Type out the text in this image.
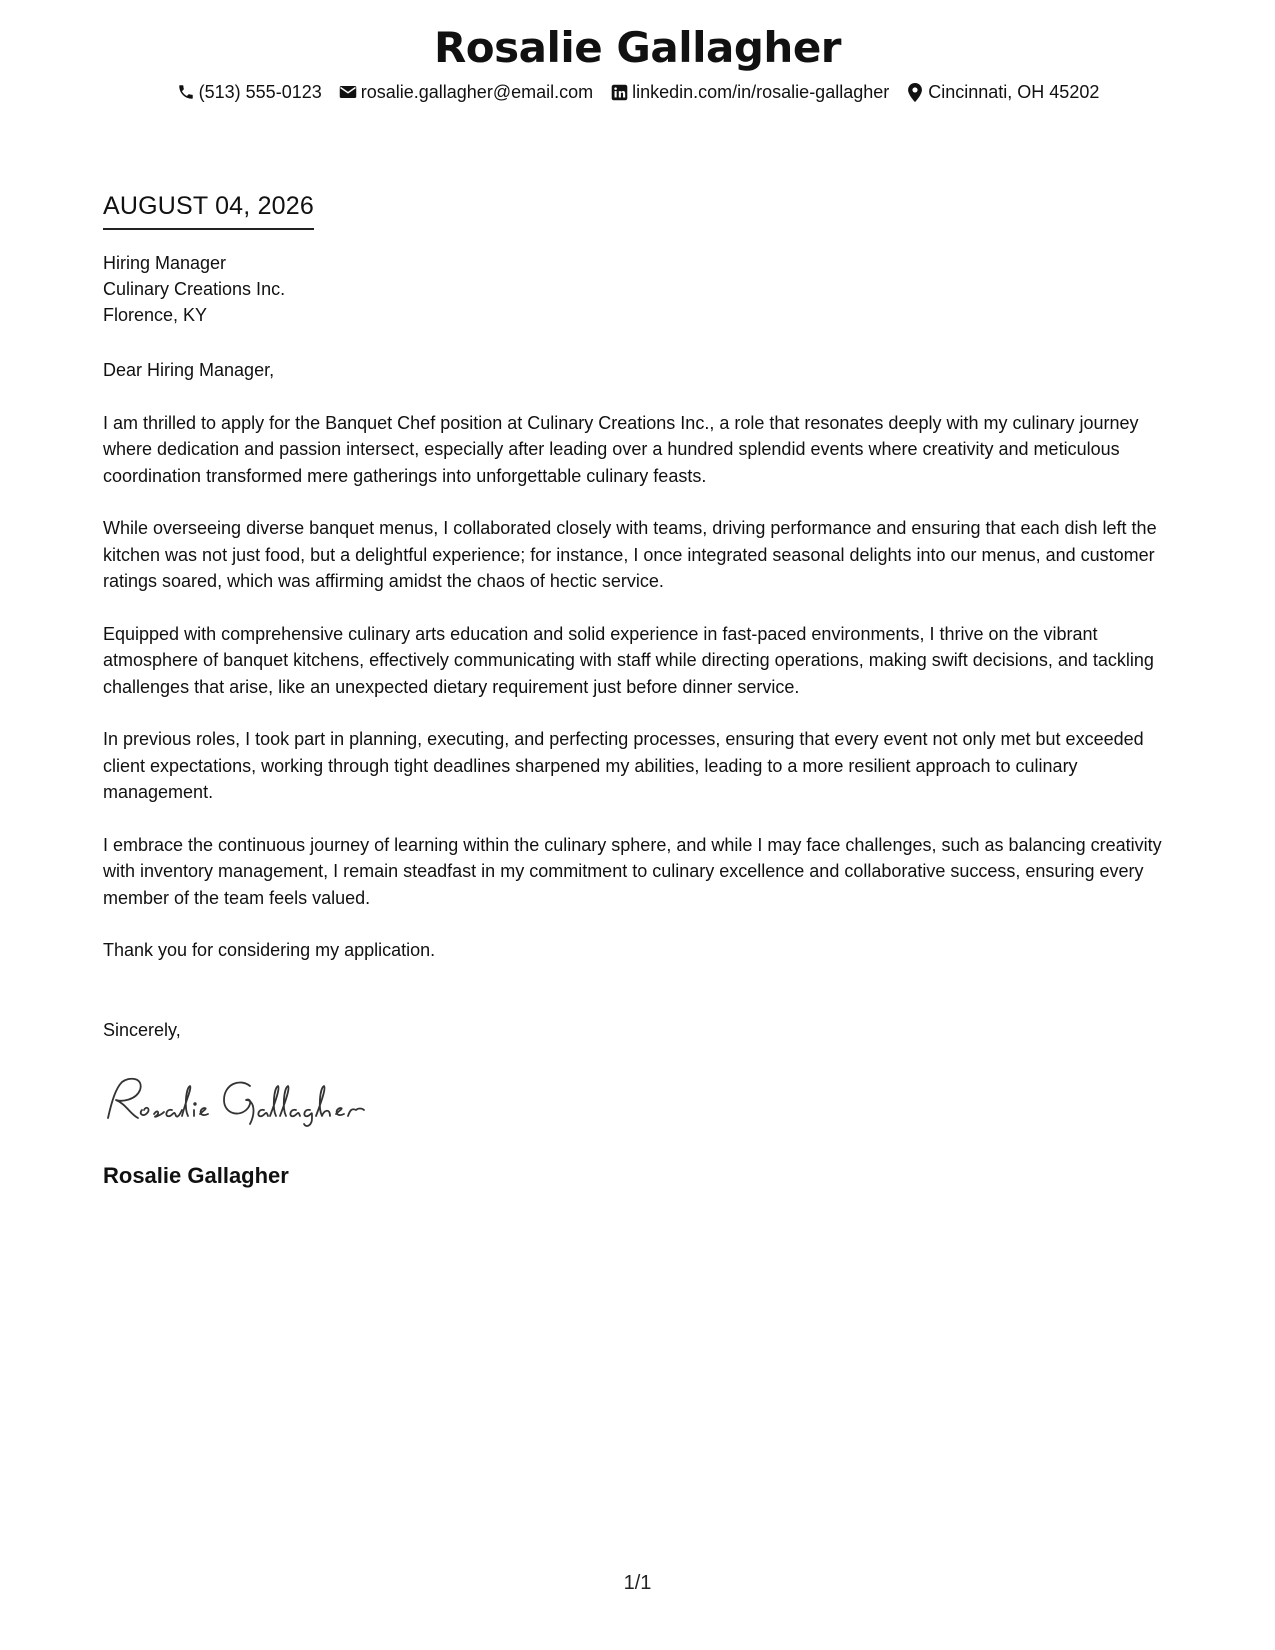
Rosalie Gallagher
(513) 555-0123 rosalie.gallagher@email.com linkedin.com/in/rosalie-gallagher Cincinnati, OH 45202
AUGUST 04, 2026
Hiring Manager
Culinary Creations Inc.
Florence, KY

Dear Hiring Manager,

I am thrilled to apply for the Banquet Chef position at Culinary Creations Inc., a role that resonates deeply with my culinary journey where dedication and passion intersect, especially after leading over a hundred splendid events where creativity and meticulous coordination transformed mere gatherings into unforgettable culinary feasts.

While overseeing diverse banquet menus, I collaborated closely with teams, driving performance and ensuring that each dish left the kitchen was not just food, but a delightful experience; for instance, I once integrated seasonal delights into our menus, and customer ratings soared, which was affirming amidst the chaos of hectic service.

Equipped with comprehensive culinary arts education and solid experience in fast-paced environments, I thrive on the vibrant atmosphere of banquet kitchens, effectively communicating with staff while directing operations, making swift decisions, and tackling challenges that arise, like an unexpected dietary requirement just before dinner service.

In previous roles, I took part in planning, executing, and perfecting processes, ensuring that every event not only met but exceeded client expectations, working through tight deadlines sharpened my abilities, leading to a more resilient approach to culinary management.

I embrace the continuous journey of learning within the culinary sphere, and while I may face challenges, such as balancing creativity with inventory management, I remain steadfast in my commitment to culinary excellence and collaborative success, ensuring every member of the team feels valued.

Thank you for considering my application.

Sincerely,
Rosalie Gallagher
1/1
